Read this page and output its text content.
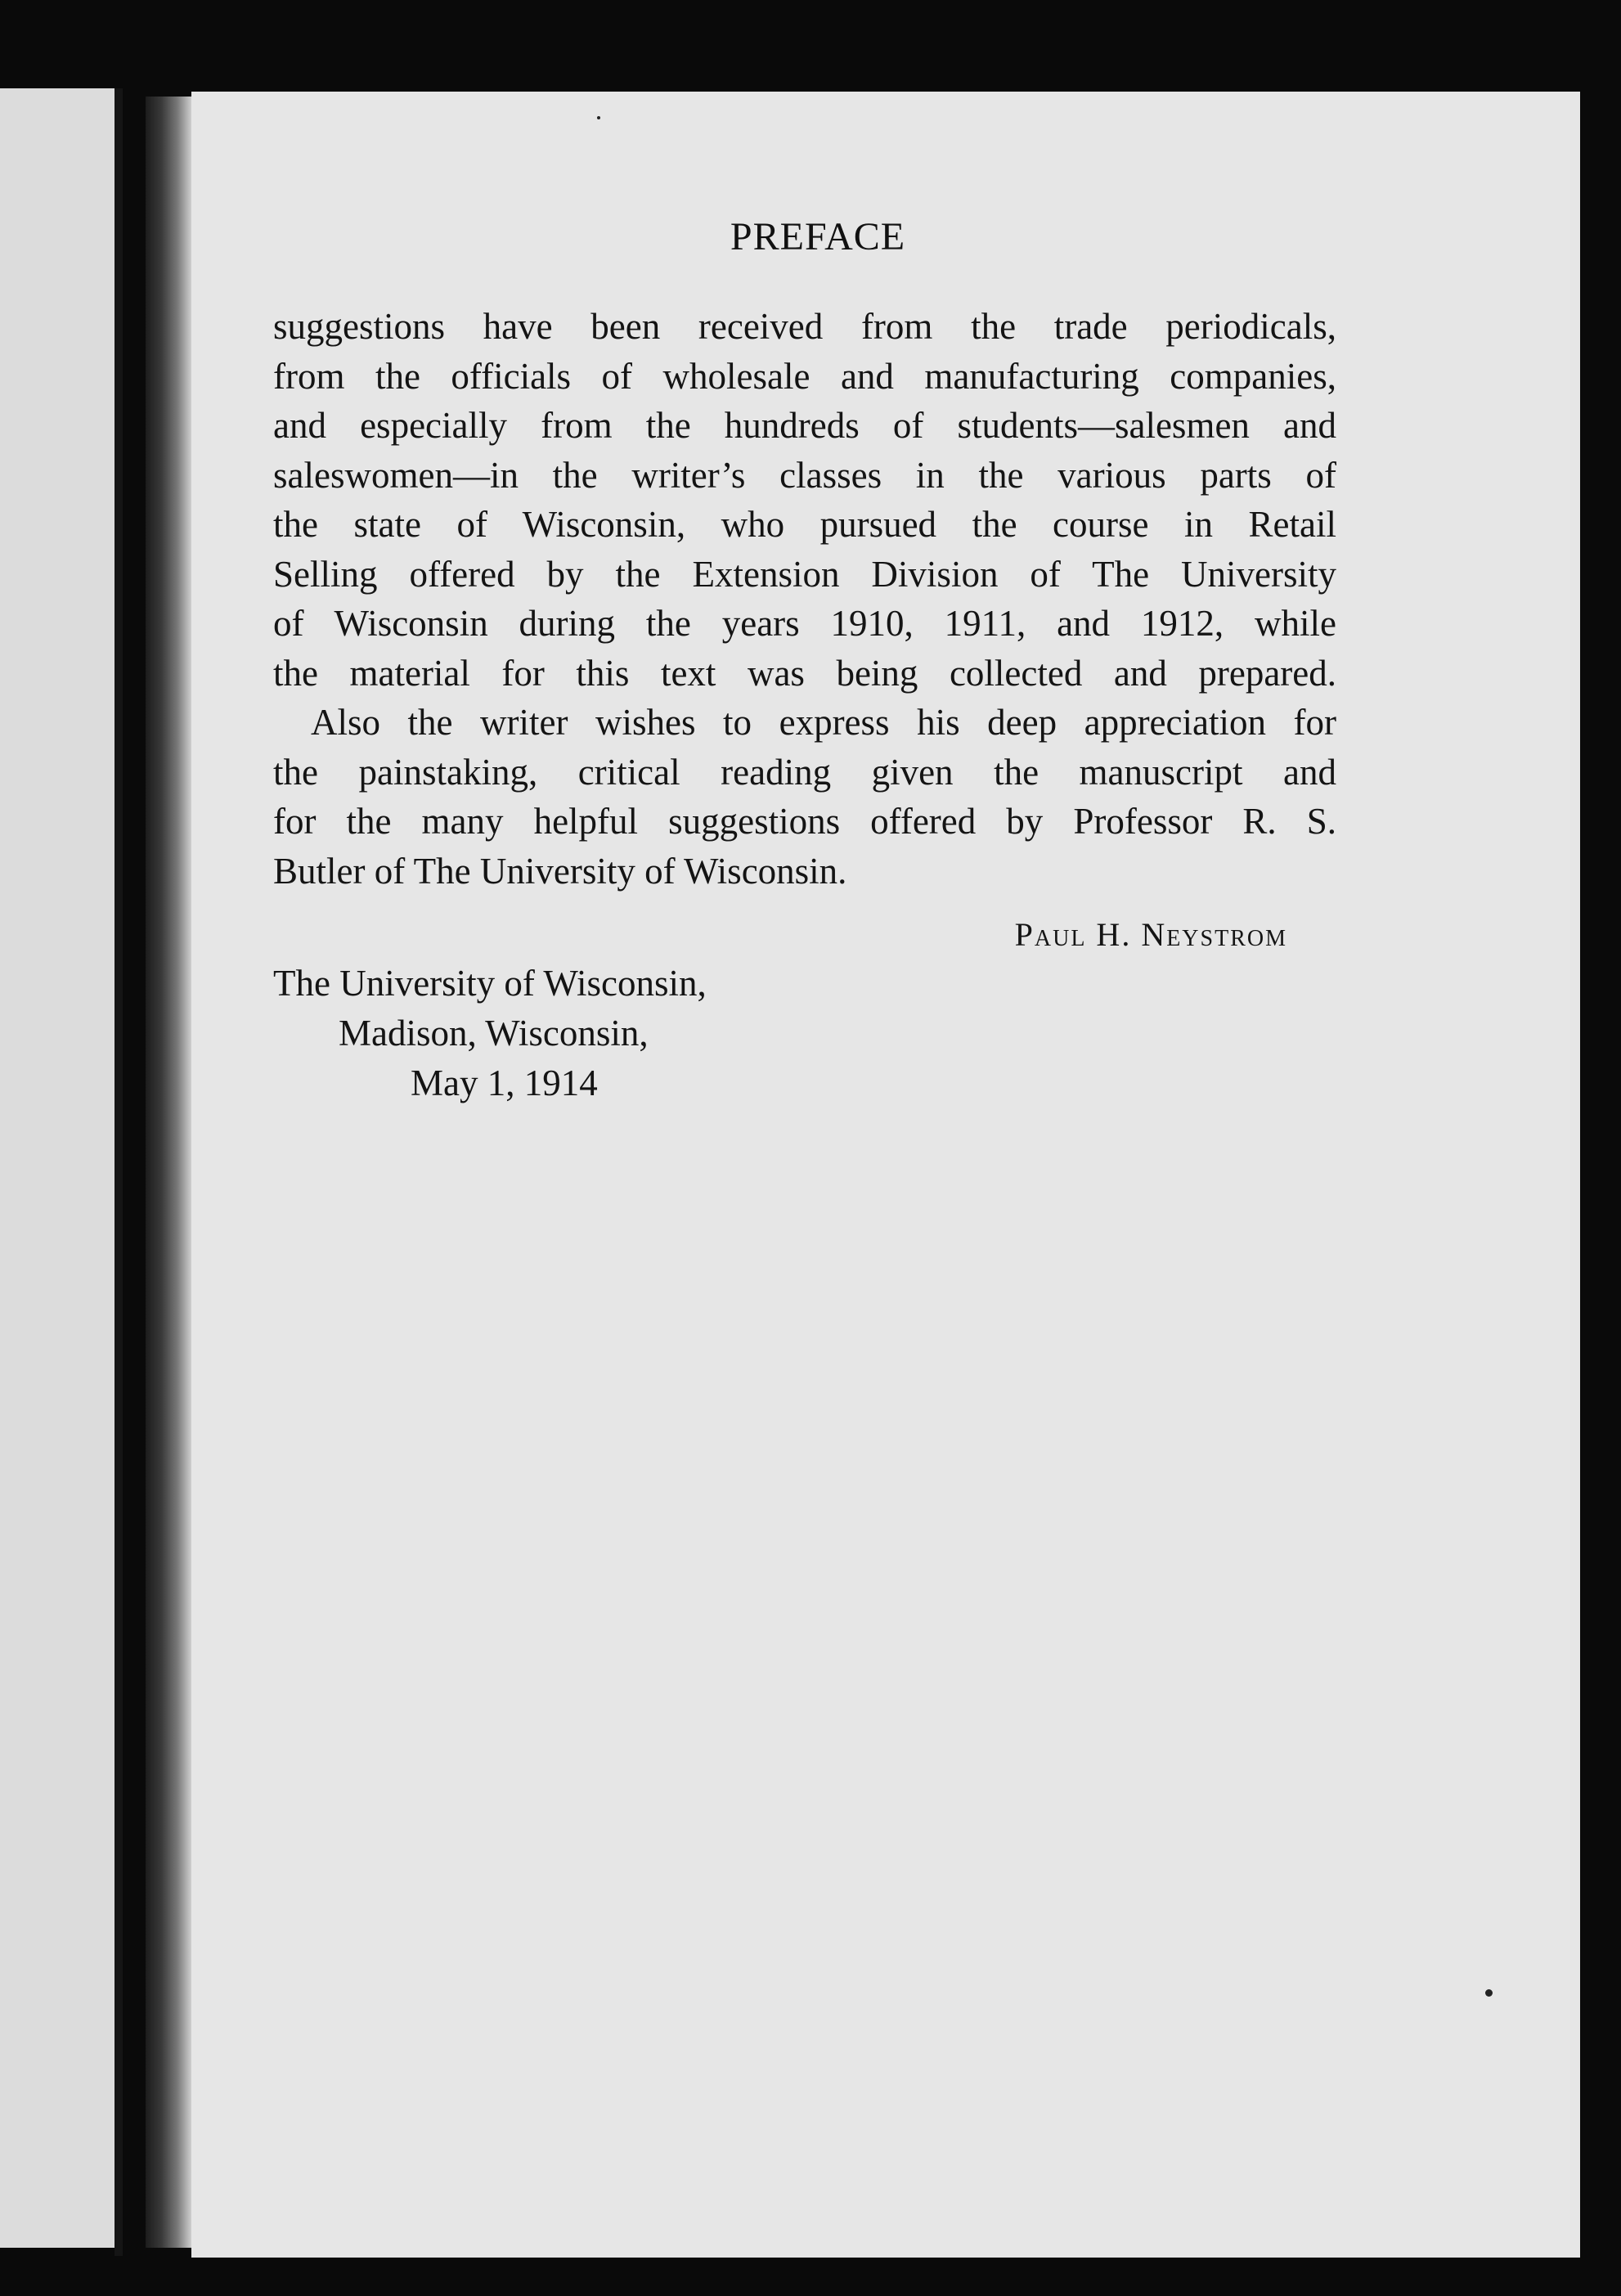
PREFACE

suggestions have been received from the trade periodicals,
from the officials of wholesale and manufacturing companies,
and especially from the hundreds of students—salesmen and
saleswomen—in the writer’s classes in the various parts of
the state of Wisconsin, who pursued the course in Retail
Selling offered by the Extension Division of The University
of Wisconsin during the years 1910, 1911, and 1912, while
the material for this text was being collected and prepared.

Also the writer wishes to express his deep appreciation for
the painstaking, critical reading given the manuscript and
for the many helpful suggestions offered by Professor R. S.
Butler of The University of Wisconsin.

Paul H. Neystrom
The University of Wisconsin,
Madison, Wisconsin,
May 1, 1914
